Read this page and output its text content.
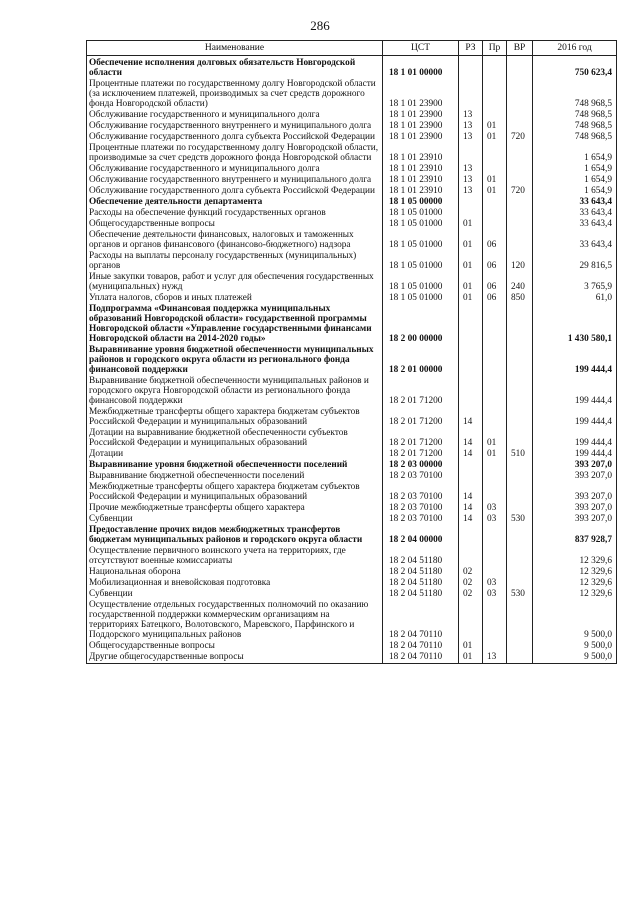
286
Наименование	ЦСТ	РЗ	Пр	ВР	2016 год
Обеспечение исполнения долговых обязательств Новгородской области	18 1 01 00000				750 623,4
Процентные платежи по государственному долгу Новгородской области (за исключением платежей, производимых за счет средств дорожного фонда Новгородской области)	18 1 01 23900				748 968,5
Обслуживание государственного и муниципального долга	18 1 01 23900	13			748 968,5
Обслуживание государственного внутреннего и муниципального долга	18 1 01 23900	13	01		748 968,5
Обслуживание государственного долга субъекта Российской Федерации	18 1 01 23900	13	01	720	748 968,5
Процентные платежи по государственному долгу Новгородской области, производимые за счет средств дорожного фонда Новгородской области	18 1 01 23910				1 654,9
Обслуживание государственного и муниципального долга	18 1 01 23910	13			1 654,9
Обслуживание государственного внутреннего и муниципального долга	18 1 01 23910	13	01		1 654,9
Обслуживание государственного долга субъекта Российской Федерации	18 1 01 23910	13	01	720	1 654,9
Обеспечение деятельности департамента	18 1 05 00000				33 643,4
Расходы на обеспечение функций государственных органов	18 1 05 01000				33 643,4
Общегосударственные вопросы	18 1 05 01000	01			33 643,4
Обеспечение деятельности финансовых, налоговых и таможенных органов и органов финансового (финансово-бюджетного) надзора	18 1 05 01000	01	06		33 643,4
Расходы на выплаты персоналу государственных (муниципальных) органов	18 1 05 01000	01	06	120	29 816,5
Иные закупки товаров, работ и услуг для обеспечения государственных (муниципальных) нужд	18 1 05 01000	01	06	240	3 765,9
Уплата налогов, сборов и иных платежей	18 1 05 01000	01	06	850	61,0
Подпрограмма «Финансовая поддержка муниципальных образований Новгородской области» государственной программы Новгородской области «Управление государственными финансами Новгородской области на 2014-2020 годы»	18 2 00 00000				1 430 580,1
Выравнивание уровня бюджетной обеспеченности муниципальных районов и городского округа области из регионального фонда финансовой поддержки	18 2 01 00000				199 444,4
Выравнивание бюджетной обеспеченности муниципальных районов и городского округа Новгородской области из регионального фонда финансовой поддержки	18 2 01 71200				199 444,4
Межбюджетные трансферты общего характера бюджетам субъектов Российской Федерации и муниципальных образований	18 2 01 71200	14			199 444,4
Дотации на выравнивание бюджетной обеспеченности субъектов Российской Федерации и муниципальных образований	18 2 01 71200	14	01		199 444,4
Дотации	18 2 01 71200	14	01	510	199 444,4
Выравнивание уровня бюджетной обеспеченности поселений	18 2 03 00000				393 207,0
Выравнивание бюджетной обеспеченности поселений	18 2 03 70100				393 207,0
Межбюджетные трансферты общего характера бюджетам субъектов Российской Федерации и муниципальных образований	18 2 03 70100	14			393 207,0
Прочие межбюджетные трансферты общего характера	18 2 03 70100	14	03		393 207,0
Субвенции	18 2 03 70100	14	03	530	393 207,0
Предоставление прочих видов межбюджетных трансфертов бюджетам муниципальных районов и городского округа области	18 2 04 00000				837 928,7
Осуществление первичного воинского учета на территориях, где отсутствуют военные комиссариаты	18 2 04 51180				12 329,6
Национальная оборона	18 2 04 51180	02			12 329,6
Мобилизационная и вневойсковая подготовка	18 2 04 51180	02	03		12 329,6
Субвенции	18 2 04 51180	02	03	530	12 329,6
Осуществление отдельных государственных полномочий по оказанию государственной поддержки коммерческим организациям на территориях Батецкого, Волотовского, Маревского, Парфинского и Поддорского муниципальных районов	18 2 04 70110				9 500,0
Общегосударственные вопросы	18 2 04 70110	01			9 500,0
Другие общегосударственные вопросы	18 2 04 70110	01	13		9 500,0
